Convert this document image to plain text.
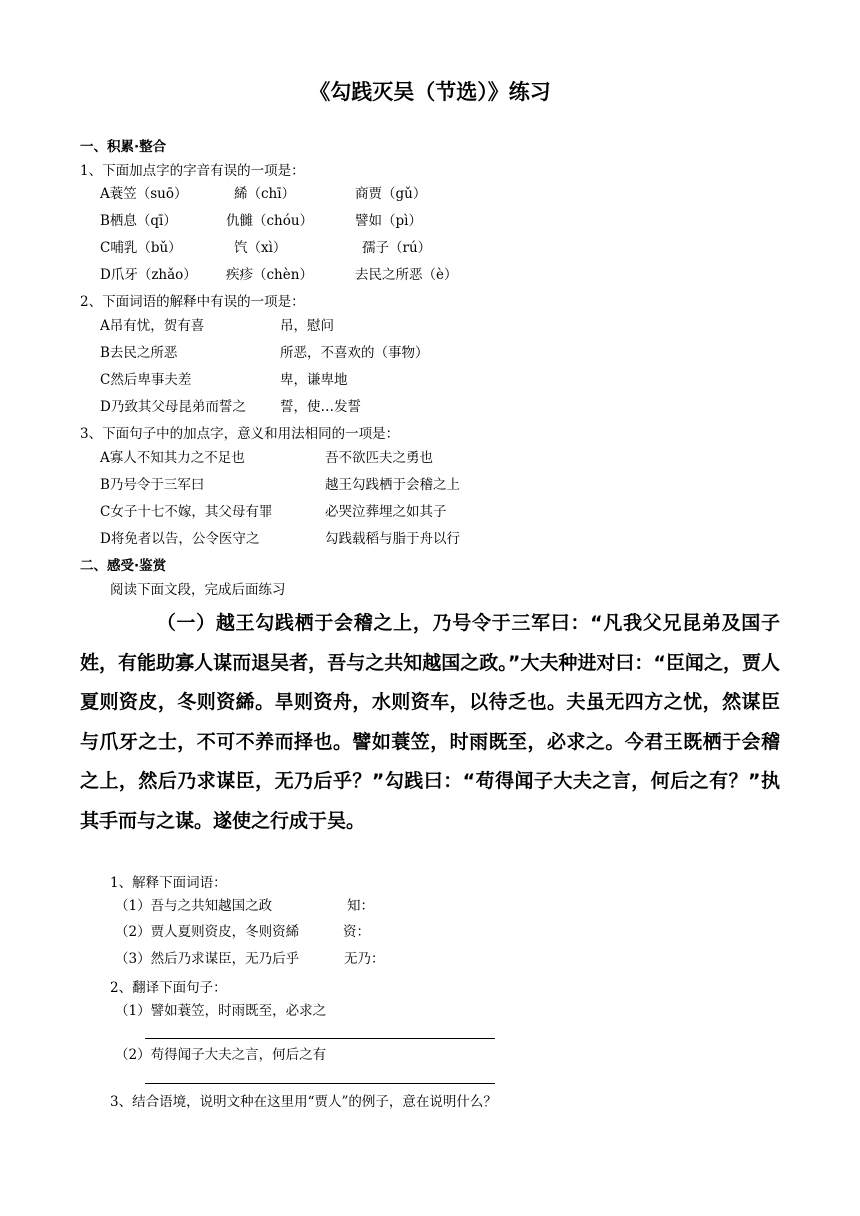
《勾践灭吴（节选）》练习
一、积累·整合
1、下面加点字的字音有误的一项是：
A蓑笠（suō）	絺（chī）	商贾（gǔ）
B栖息（qī）	仇雠（chóu）	譬如（pì）
C哺乳（bǔ）	饩（xì）	孺子（rú）
D爪牙（zhǎo） 疾疹（chèn）	去民之所恶（è）
2、下面词语的解释中有误的一项是：
A吊有忧，贺有喜	吊，慰问
B去民之所恶	所恶，不喜欢的（事物）
C然后卑事夫差	卑，谦卑地
D乃致其父母昆弟而誓之	誓，使…发誓
3、下面句子中的加点字，意义和用法相同的一项是：
A寡人不知其力之不足也	吾不欲匹夫之勇也
B乃号令于三军曰	越王勾践栖于会稽之上
C女子十七不嫁，其父母有罪	必哭泣葬埋之如其子
D将免者以告，公令医守之	勾践载稻与脂于舟以行
二、感受·鉴赏
阅读下面文段，完成后面练习
（一）越王勾践栖于会稽之上，乃号令于三军曰：“凡我父兄昆弟及国子姓，有能助寡人谋而退吴者，吾与之共知越国之政。”大夫种进对曰：“臣闻之，贾人夏则资皮，冬则资絺。旱则资舟，水则资车，以待乏也。夫虽无四方之忧，然谋臣与爪牙之士，不可不养而择也。譬如蓑笠，时雨既至，必求之。今君王既栖于会稽之上，然后乃求谋臣，无乃后乎？”勾践曰：“苟得闻子大夫之言，何后之有？”执其手而与之谋。遂使之行成于吴。
1、解释下面词语：
（1）吾与之共知越国之政	知：
（2）贾人夏则资皮，冬则资絺	资：
（3）然后乃求谋臣，无乃后乎	无乃：
2、翻译下面句子：
（1）譬如蓑笠，时雨既至，必求之
（2）苟得闻子大夫之言，何后之有
3、结合语境，说明文种在这里用“贾人”的例子，意在说明什么？
